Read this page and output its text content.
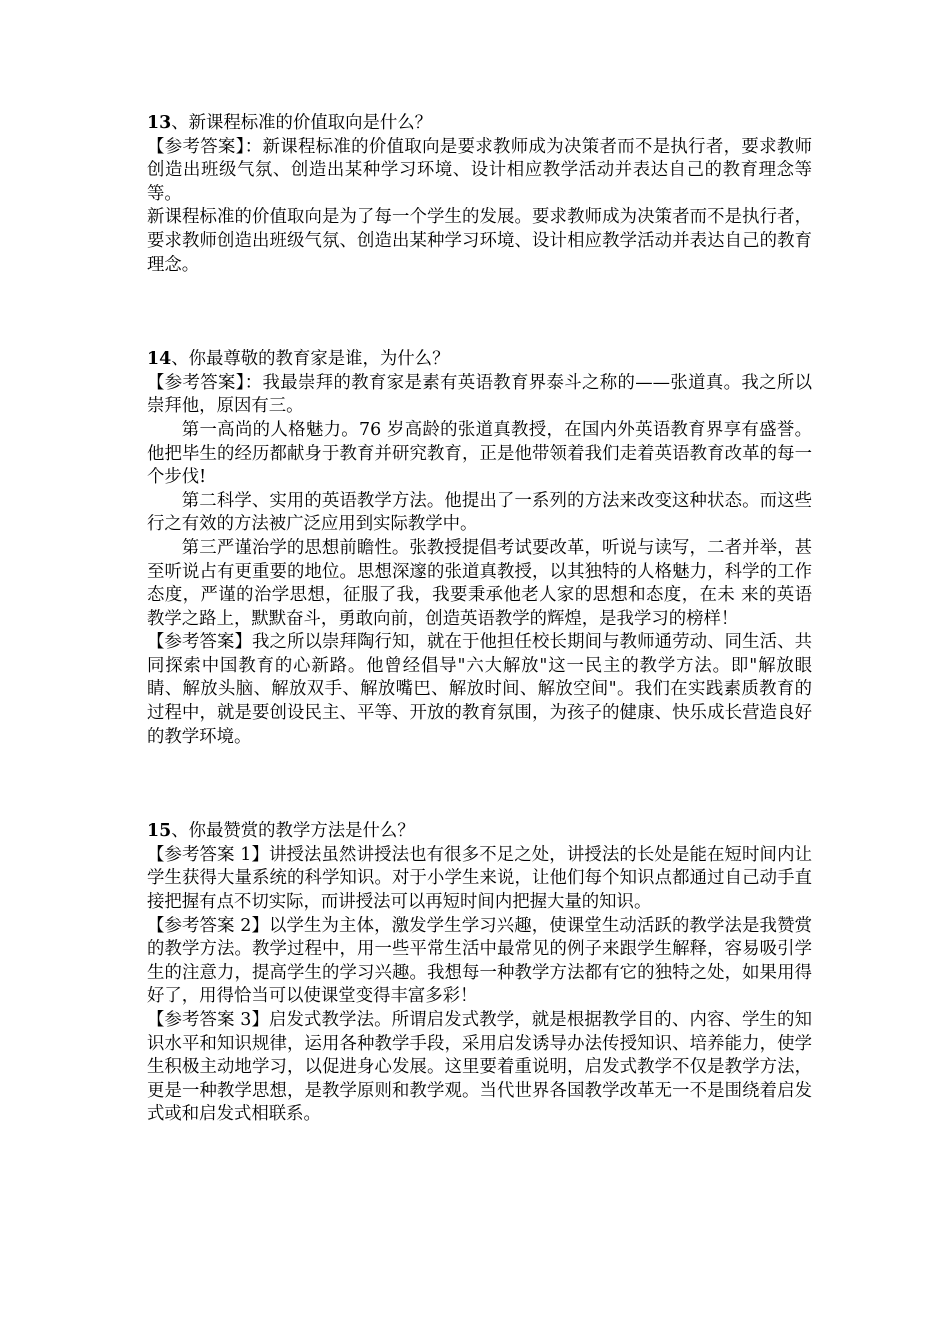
13、新课程标准的价值取向是什么？
【参考答案】：新课程标准的价值取向是要求教师成为决策者而不是执行者，要求教师创造出班级气氛、创造出某种学习环境、设计相应教学活动并表达自己的教育理念等等。
新课程标准的价值取向是为了每一个学生的发展。要求教师成为决策者而不是执行者，要求教师创造出班级气氛、创造出某种学习环境、设计相应教学活动并表达自己的教育理念。
14、你最尊敬的教育家是谁，为什么？
【参考答案】：我最崇拜的教育家是素有英语教育界泰斗之称的——张道真。我之所以崇拜他，原因有三。
第一高尚的人格魅力。76 岁高龄的张道真教授，在国内外英语教育界享有盛誉。他把毕生的经历都献身于教育并研究教育，正是他带领着我们走着英语教育改革的每一个步伐!
第二科学、实用的英语教学方法。他提出了一系列的方法来改变这种状态。而这些行之有效的方法被广泛应用到实际教学中。
第三严谨治学的思想前瞻性。张教授提倡考试要改革，听说与读写，二者并举，甚至听说占有更重要的地位。思想深邃的张道真教授，以其独特的人格魅力，科学的工作态度，严谨的治学思想，征服了我，我要秉承他老人家的思想和态度，在未 来的英语教学之路上，默默奋斗，勇敢向前，创造英语教学的辉煌，是我学习的榜样！
【参考答案】我之所以崇拜陶行知，就在于他担任校长期间与教师通劳动、同生活、共同探索中国教育的心新路。他曾经倡导"六大解放"这一民主的教学方法。即"解放眼睛、解放头脑、解放双手、解放嘴巴、解放时间、解放空间"。我们在实践素质教育的过程中，就是要创设民主、平等、开放的教育氛围，为孩子的健康、快乐成长营造良好的教学环境。
15、你最赞赏的教学方法是什么？
【参考答案 1】讲授法虽然讲授法也有很多不足之处，讲授法的长处是能在短时间内让学生获得大量系统的科学知识。对于小学生来说，让他们每个知识点都通过自己动手直接把握有点不切实际，而讲授法可以再短时间内把握大量的知识。
【参考答案 2】以学生为主体，激发学生学习兴趣，使课堂生动活跃的教学法是我赞赏的教学方法。教学过程中，用一些平常生活中最常见的例子来跟学生解释，容易吸引学生的注意力，提高学生的学习兴趣。我想每一种教学方法都有它的独特之处，如果用得好了，用得恰当可以使课堂变得丰富多彩！
【参考答案 3】启发式教学法。所谓启发式教学，就是根据教学目的、内容、学生的知识水平和知识规律，运用各种教学手段，采用启发诱导办法传授知识、培养能力，使学生积极主动地学习，以促进身心发展。这里要着重说明，启发式教学不仅是教学方法，更是一种教学思想，是教学原则和教学观。当代世界各国教学改革无一不是围绕着启发式或和启发式相联系。
